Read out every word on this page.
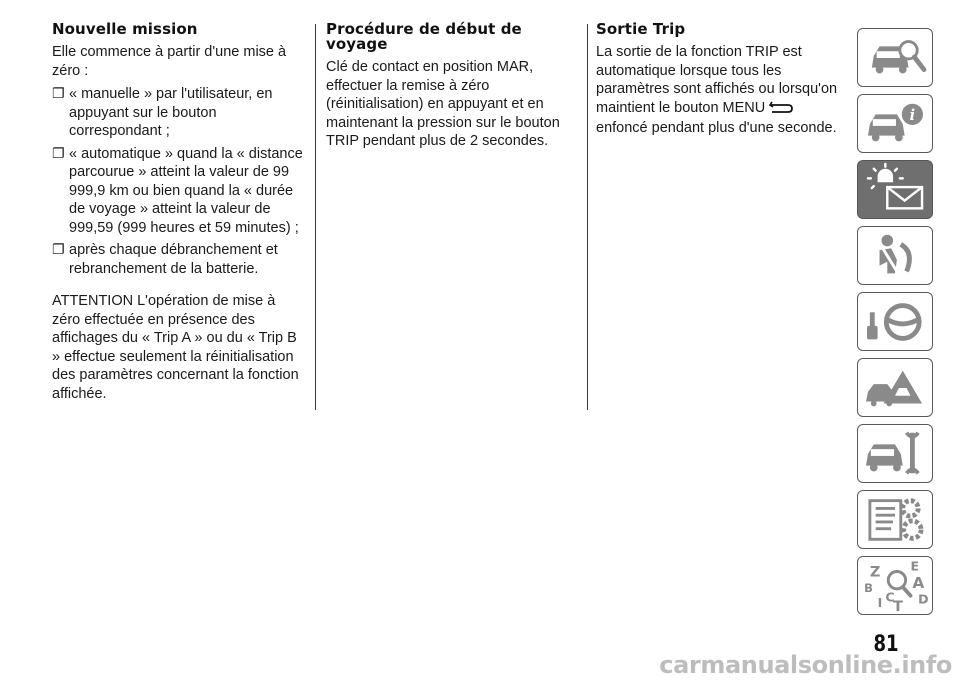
Nouvelle mission

Elle commence à partir d'une mise à zéro :

❐ « manuelle » par l'utilisateur, en appuyant sur le bouton correspondant ;

❐ « automatique » quand la « distance parcourue » atteint la valeur de 99 999,9 km ou bien quand la « durée de voyage » atteint la valeur de 999,59 (999 heures et 59 minutes) ;

❐ après chaque débranchement et rebranchement de la batterie.

ATTENTION L'opération de mise à zéro effectuée en présence des affichages du « Trip A » ou du « Trip B » effectue seulement la réinitialisation des paramètres concernant la fonction affichée.

Procédure de début de voyage

Clé de contact en position MAR, effectuer la remise à zéro (réinitialisation) en appuyant et en maintenant la pression sur le bouton TRIP pendant plus de 2 secondes.

Sortie Trip

La sortie de la fonction TRIP est automatique lorsque tous les paramètres sont affichés ou lorsqu'on maintient le bouton MENUenfoncé pendant plus d'une seconde.

i
Z E
A
B
C
T
I	D
81
carmanualsonline.info
